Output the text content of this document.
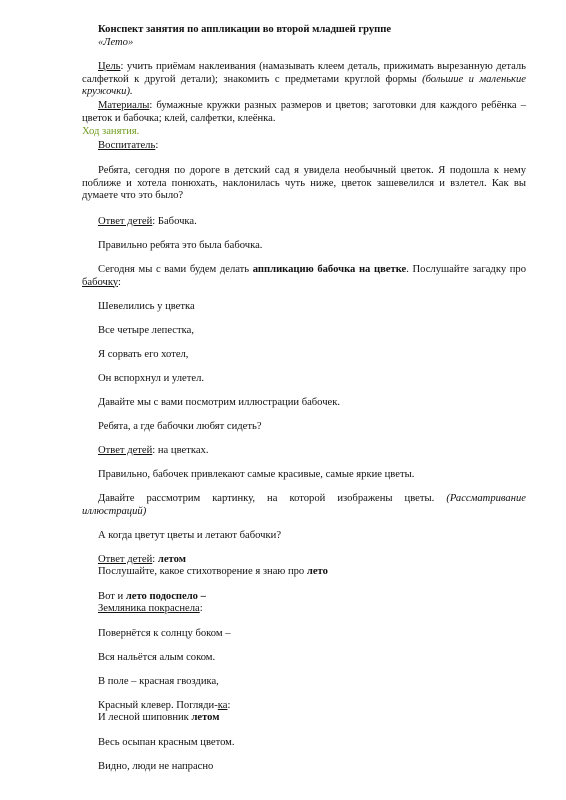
Конспект занятия по аппликации во второй младшей группе

«Лето»

Цель: учить приёмам наклеивания (намазывать клеем деталь, прижимать вырезанную деталь салфеткой к другой детали); знакомить с предметами круглой формы (большие и маленькие кружочки).

Материалы: бумажные кружки разных размеров и цветов; заготовки для каждого ребёнка – цветок и бабочка; клей, салфетки, клеёнка.

Ход занятия.

Воспитатель:

Ребята, сегодня по дороге в детский сад я увидела необычный цветок. Я подошла к нему поближе и хотела понюхать, наклонилась чуть ниже, цветок зашевелился и взлетел. Как вы думаете что это было?

Ответ детей: Бабочка.

Правильно ребята это была бабочка.

Сегодня мы с вами будем делать аппликацию бабочка на цветке. Послушайте загадку про бабочку:

Шевелились у цветка

Все четыре лепестка,

Я сорвать его хотел,

Он вспорхнул и улетел.

Давайте мы с вами посмотрим иллюстрации бабочек.

Ребята, а где бабочки любят сидеть?

Ответ детей: на цветках.

Правильно, бабочек привлекают самые красивые, самые яркие цветы.

Давайте рассмотрим картинку, на которой изображены цветы. (Рассматривание иллюстраций)

А когда цветут цветы и летают бабочки?

Ответ детей: летом

Послушайте, какое стихотворение я знаю про лето

Вот и лето подоспело –

Земляника покраснела:

Повернётся к солнцу боком –

Вся нальётся алым соком.

В поле – красная гвоздика,

Красный клевер. Погляди-ка:

И лесной шиповник летом

Весь осыпан красным цветом.

Видно, люди не напрасно
